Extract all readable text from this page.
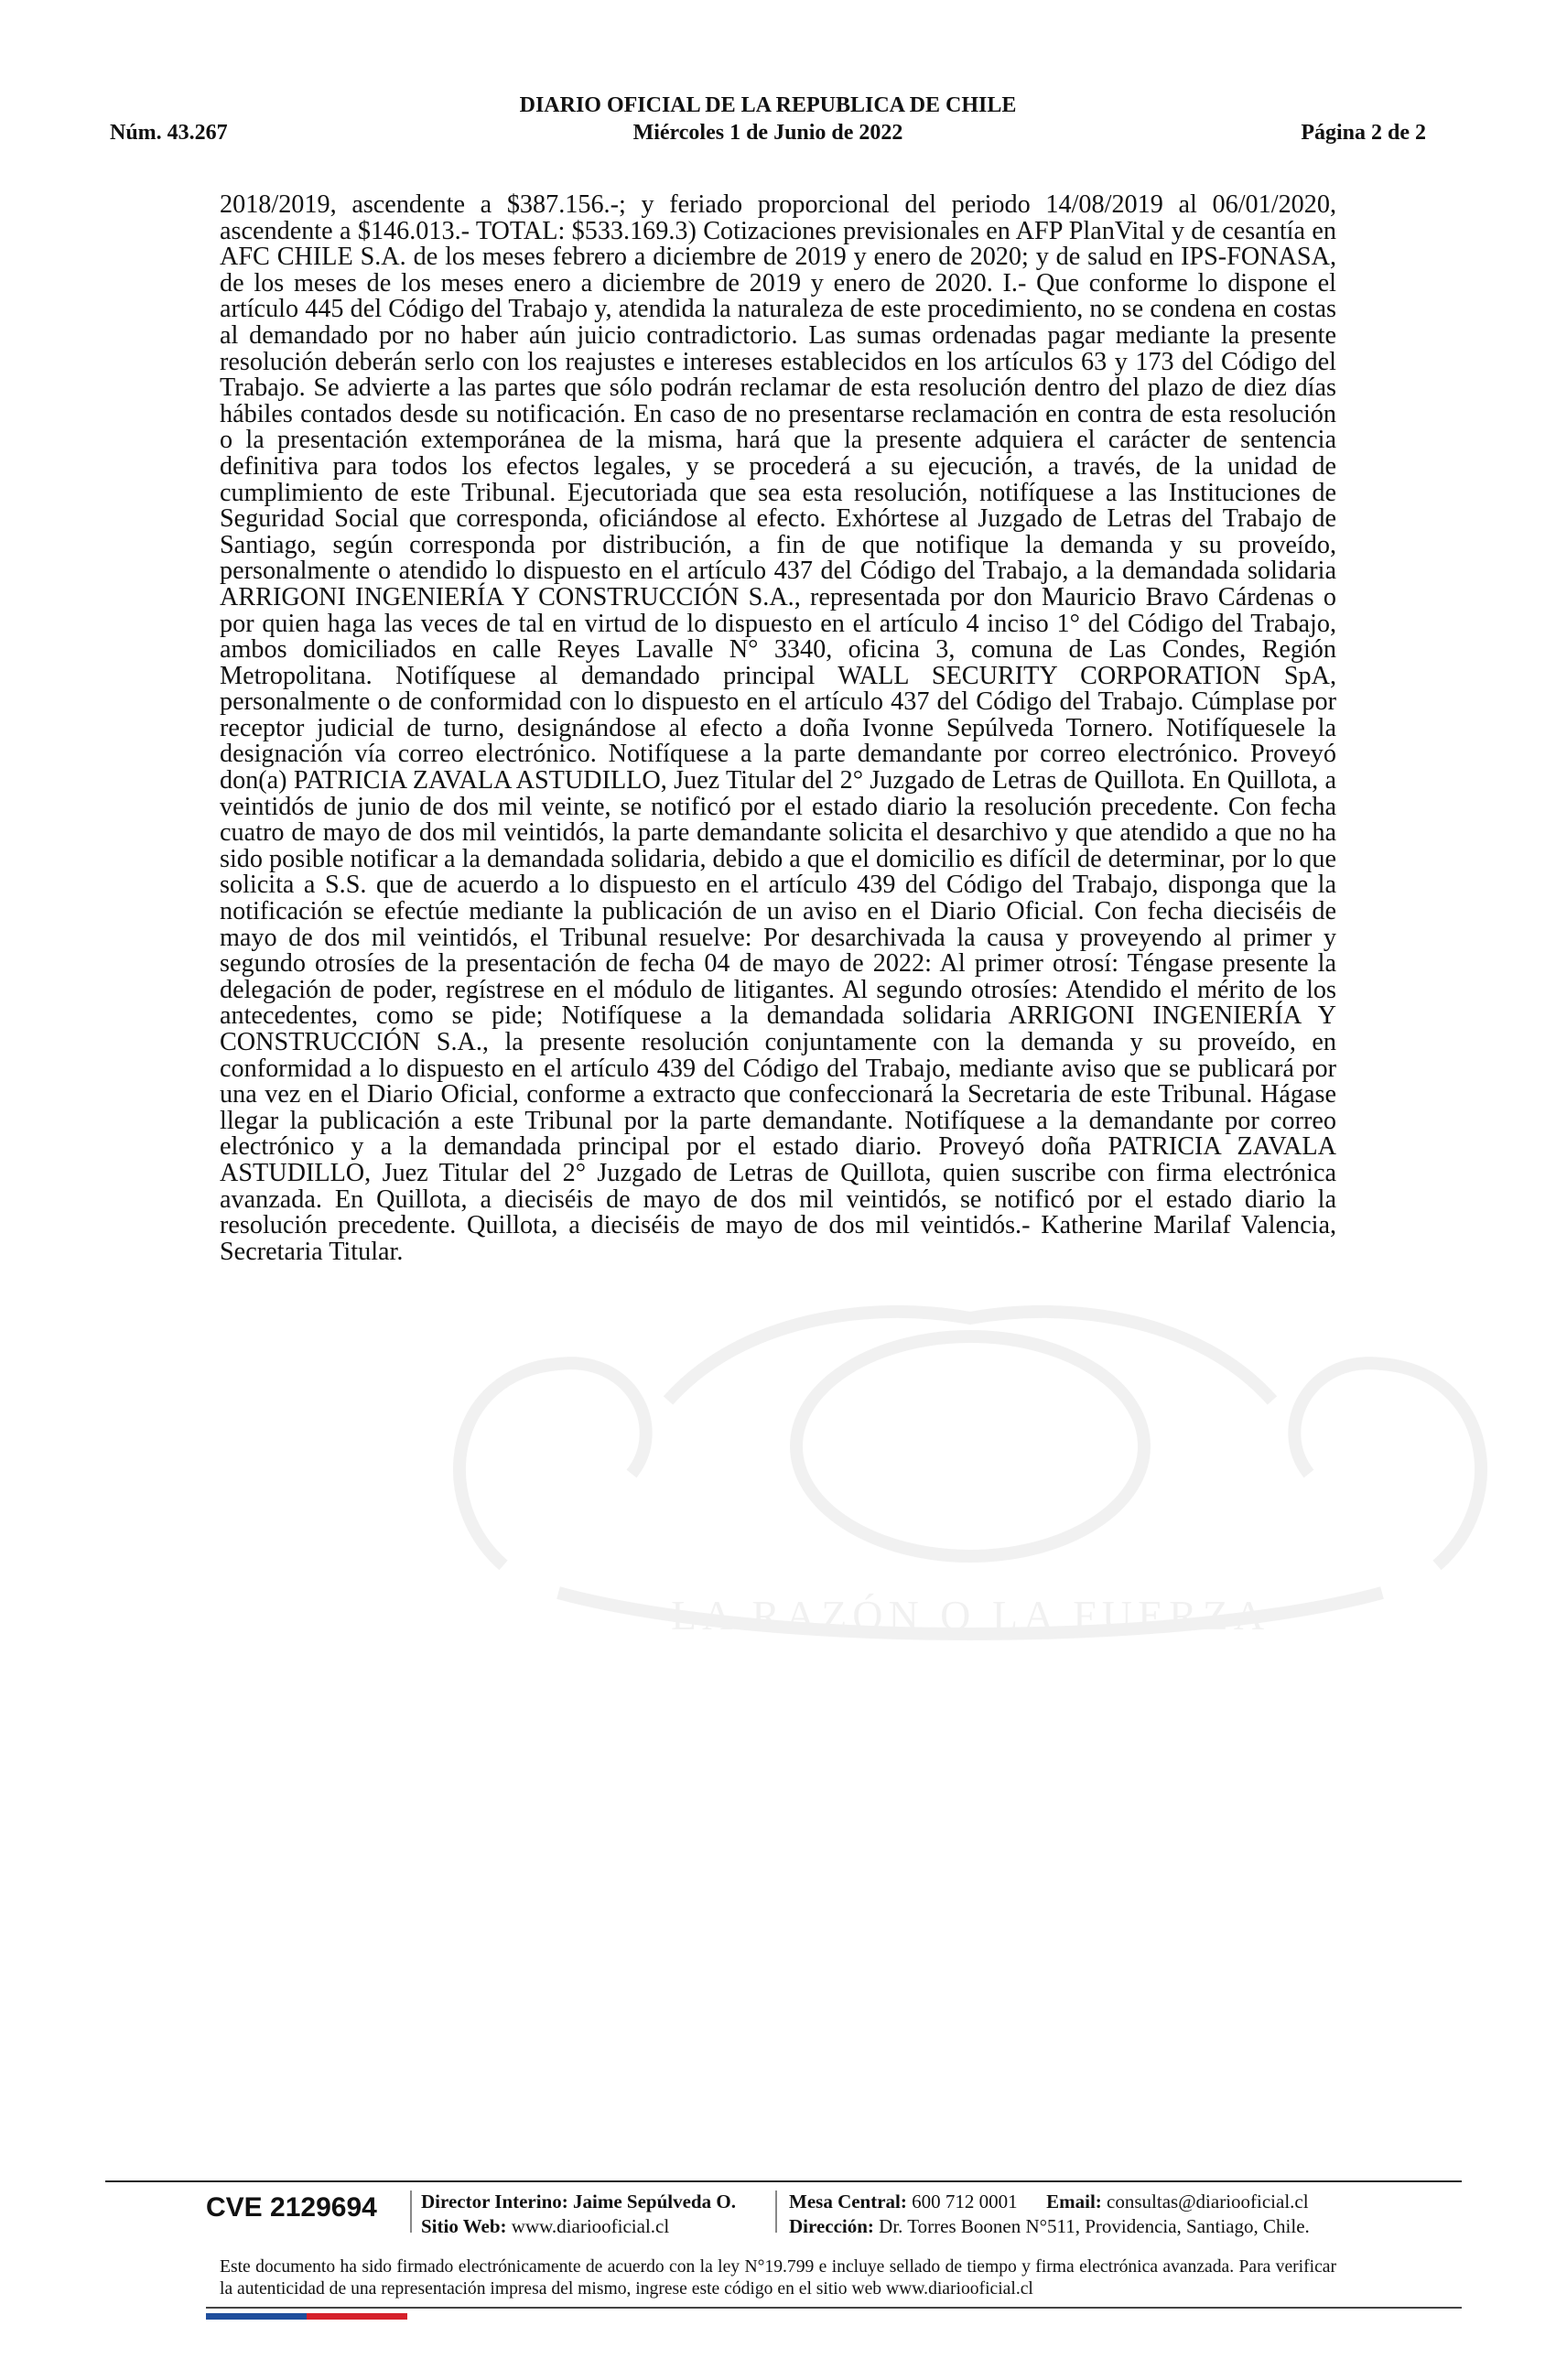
DIARIO OFICIAL DE LA REPUBLICA DE CHILE
Núm. 43.267	Miércoles 1 de Junio de 2022	Página 2 de 2
LA RAZÓN O LA FUERZA
2018/2019, ascendente a $387.156.-; y feriado proporcional del periodo 14/08/2019 al 06/01/2020, ascendente a $146.013.- TOTAL: $533.169.3) Cotizaciones previsionales en AFP PlanVital y de cesantía en AFC CHILE S.A. de los meses febrero a diciembre de 2019 y enero de 2020; y de salud en IPS-FONASA, de los meses de los meses enero a diciembre de 2019 y enero de 2020. I.- Que conforme lo dispone el artículo 445 del Código del Trabajo y, atendida la naturaleza de este procedimiento, no se condena en costas al demandado por no haber aún juicio contradictorio. Las sumas ordenadas pagar mediante la presente resolución deberán serlo con los reajustes e intereses establecidos en los artículos 63 y 173 del Código del Trabajo. Se advierte a las partes que sólo podrán reclamar de esta resolución dentro del plazo de diez días hábiles contados desde su notificación. En caso de no presentarse reclamación en contra de esta resolución o la presentación extemporánea de la misma, hará que la presente adquiera el carácter de sentencia definitiva para todos los efectos legales, y se procederá a su ejecución, a través, de la unidad de cumplimiento de este Tribunal. Ejecutoriada que sea esta resolución, notifíquese a las Instituciones de Seguridad Social que corresponda, oficiándose al efecto. Exhórtese al Juzgado de Letras del Trabajo de Santiago, según corresponda por distribución, a fin de que notifique la demanda y su proveído, personalmente o atendido lo dispuesto en el artículo 437 del Código del Trabajo, a la demandada solidaria ARRIGONI INGENIERÍA Y CONSTRUCCIÓN S.A., representada por don Mauricio Bravo Cárdenas o por quien haga las veces de tal en virtud de lo dispuesto en el artículo 4 inciso 1° del Código del Trabajo, ambos domiciliados en calle Reyes Lavalle N° 3340, oficina 3, comuna de Las Condes, Región Metropolitana. Notifíquese al demandado principal WALL SECURITY CORPORATION SpA, personalmente o de conformidad con lo dispuesto en el artículo 437 del Código del Trabajo. Cúmplase por receptor judicial de turno, designándose al efecto a doña Ivonne Sepúlveda Tornero. Notifíquesele la designación vía correo electrónico. Notifíquese a la parte demandante por correo electrónico. Proveyó don(a) PATRICIA ZAVALA ASTUDILLO, Juez Titular del 2° Juzgado de Letras de Quillota. En Quillota, a veintidós de junio de dos mil veinte, se notificó por el estado diario la resolución precedente. Con fecha cuatro de mayo de dos mil veintidós, la parte demandante solicita el desarchivo y que atendido a que no ha sido posible notificar a la demandada solidaria, debido a que el domicilio es difícil de determinar, por lo que solicita a S.S. que de acuerdo a lo dispuesto en el artículo 439 del Código del Trabajo, disponga que la notificación se efectúe mediante la publicación de un aviso en el Diario Oficial. Con fecha dieciséis de mayo de dos mil veintidós, el Tribunal resuelve: Por desarchivada la causa y proveyendo al primer y segundo otrosíes de la presentación de fecha 04 de mayo de 2022: Al primer otrosí: Téngase presente la delegación de poder, regístrese en el módulo de litigantes. Al segundo otrosíes: Atendido el mérito de los antecedentes, como se pide; Notifíquese a la demandada solidaria ARRIGONI INGENIERÍA Y CONSTRUCCIÓN S.A., la presente resolución conjuntamente con la demanda y su proveído, en conformidad a lo dispuesto en el artículo 439 del Código del Trabajo, mediante aviso que se publicará por una vez en el Diario Oficial, conforme a extracto que confeccionará la Secretaria de este Tribunal. Hágase llegar la publicación a este Tribunal por la parte demandante. Notifíquese a la demandante por correo electrónico y a la demandada principal por el estado diario. Proveyó doña PATRICIA ZAVALA ASTUDILLO, Juez Titular del 2° Juzgado de Letras de Quillota, quien suscribe con firma electrónica avanzada. En Quillota, a dieciséis de mayo de dos mil veintidós, se notificó por el estado diario la resolución precedente. Quillota, a dieciséis de mayo de dos mil veintidós.- Katherine Marilaf Valencia, Secretaria Titular.
CVE 2129694 Director Interino: Jaime Sepúlveda O.
Sitio Web: www.diariooficial.cl
Mesa Central: 600 712 0001 Email: consultas@diariooficial.cl
Dirección: Dr. Torres Boonen N°511, Providencia, Santiago, Chile.
Este documento ha sido firmado electrónicamente de acuerdo con la ley N°19.799 e incluye sellado de tiempo y firma electrónica avanzada. Para verificar la autenticidad de una representación impresa del mismo, ingrese este código en el sitio web www.diariooficial.cl
